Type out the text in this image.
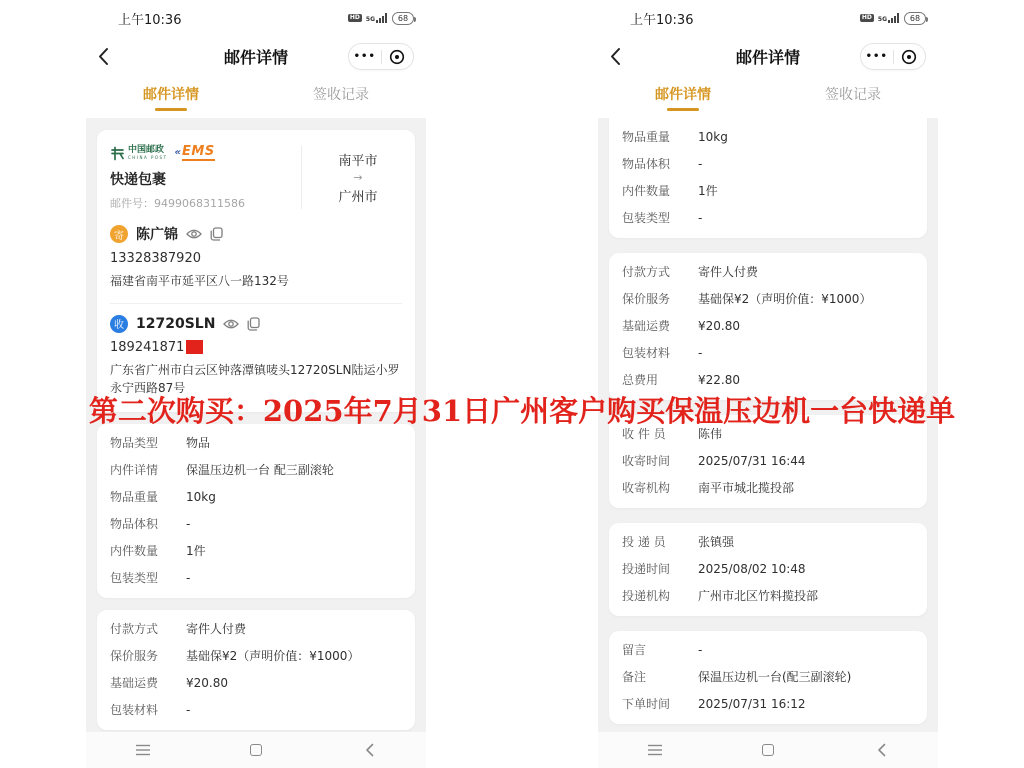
上午10:36	HD	5G	68
邮件详情	•••
邮件详情	签收记录
中国邮政
CHINA POST « EMS
快递包裹
邮件号：9499068311586
南平市
→
广州市
寄 陈广锦
13328387920
福建省南平市延平区八一路132号
收 12720SLN
189241871
广东省广州市白云区钟落潭镇唛头12720SLN陆运小罗永宁西路87号
物品类型	物品
内件详情	保温压边机一台 配三副滚轮
物品重量	10kg
物品体积	-
内件数量	1件
包装类型	-
付款方式	寄件人付费
保价服务	基础保¥2（声明价值：¥1000）
基础运费	¥20.80
包装材料	-
上午10:36	HD	5G	68
邮件详情	•••
邮件详情	签收记录
物品重量	10kg
物品体积	-
内件数量	1件
包装类型	-
付款方式	寄件人付费
保价服务	基础保¥2（声明价值：¥1000）
基础运费	¥20.80
包装材料	-
总费用	¥22.80
收 件 员	陈伟
收寄时间	2025/07/31 16:44
收寄机构	南平市城北揽投部
投 递 员	张镇强
投递时间	2025/08/02 10:48
投递机构	广州市北区竹料揽投部
留言	-
备注	保温压边机一台(配三副滚轮)
下单时间	2025/07/31 16:12
第二次购买：2025年7月31日广州客户购买保温压边机一台快递单
